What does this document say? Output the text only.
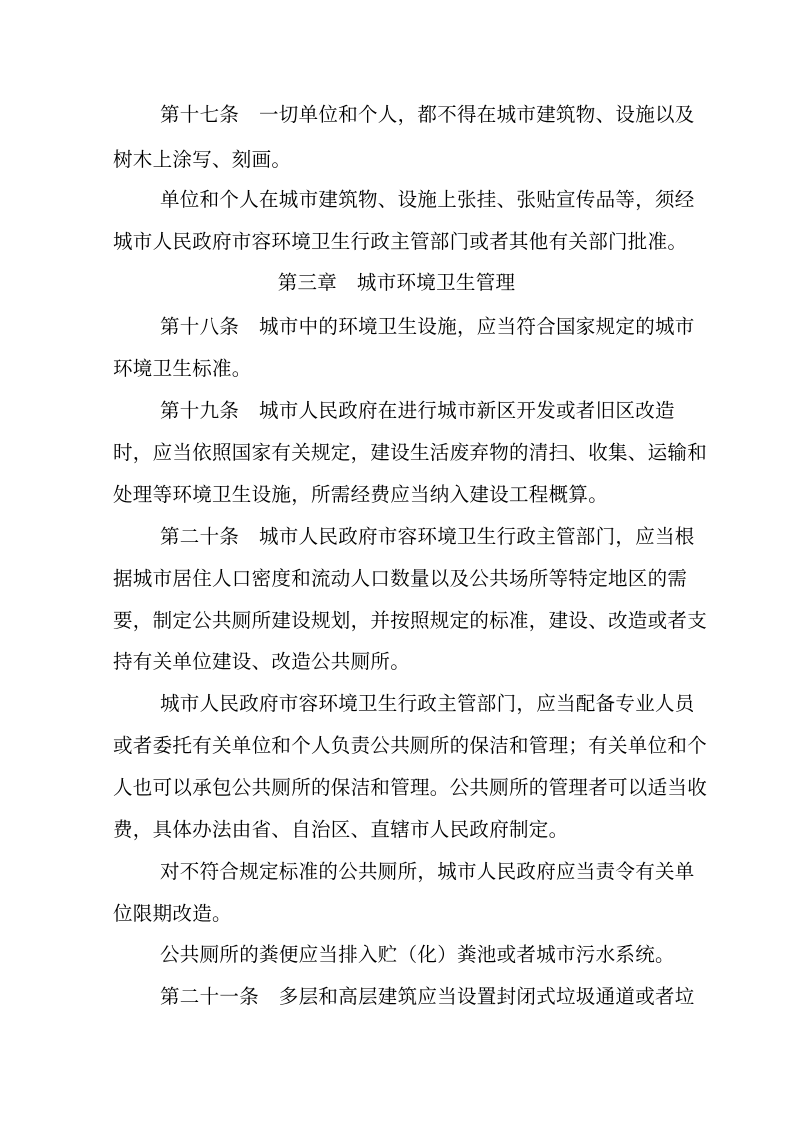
第十七条　一切单位和个人，都不得在城市建筑物、设施以及
树木上涂写、刻画。
单位和个人在城市建筑物、设施上张挂、张贴宣传品等，须经
城市人民政府市容环境卫生行政主管部门或者其他有关部门批准。
第三章　城市环境卫生管理
第十八条　城市中的环境卫生设施，应当符合国家规定的城市
环境卫生标准。
第十九条　城市人民政府在进行城市新区开发或者旧区改造
时，应当依照国家有关规定，建设生活废弃物的清扫、收集、运输和
处理等环境卫生设施，所需经费应当纳入建设工程概算。
第二十条　城市人民政府市容环境卫生行政主管部门，应当根
据城市居住人口密度和流动人口数量以及公共场所等特定地区的需
要，制定公共厕所建设规划，并按照规定的标准，建设、改造或者支
持有关单位建设、改造公共厕所。
城市人民政府市容环境卫生行政主管部门，应当配备专业人员
或者委托有关单位和个人负责公共厕所的保洁和管理；有关单位和个
人也可以承包公共厕所的保洁和管理。公共厕所的管理者可以适当收
费，具体办法由省、自治区、直辖市人民政府制定。
对不符合规定标准的公共厕所，城市人民政府应当责令有关单
位限期改造。
公共厕所的粪便应当排入贮（化）粪池或者城市污水系统。
第二十一条　多层和高层建筑应当设置封闭式垃圾通道或者垃
